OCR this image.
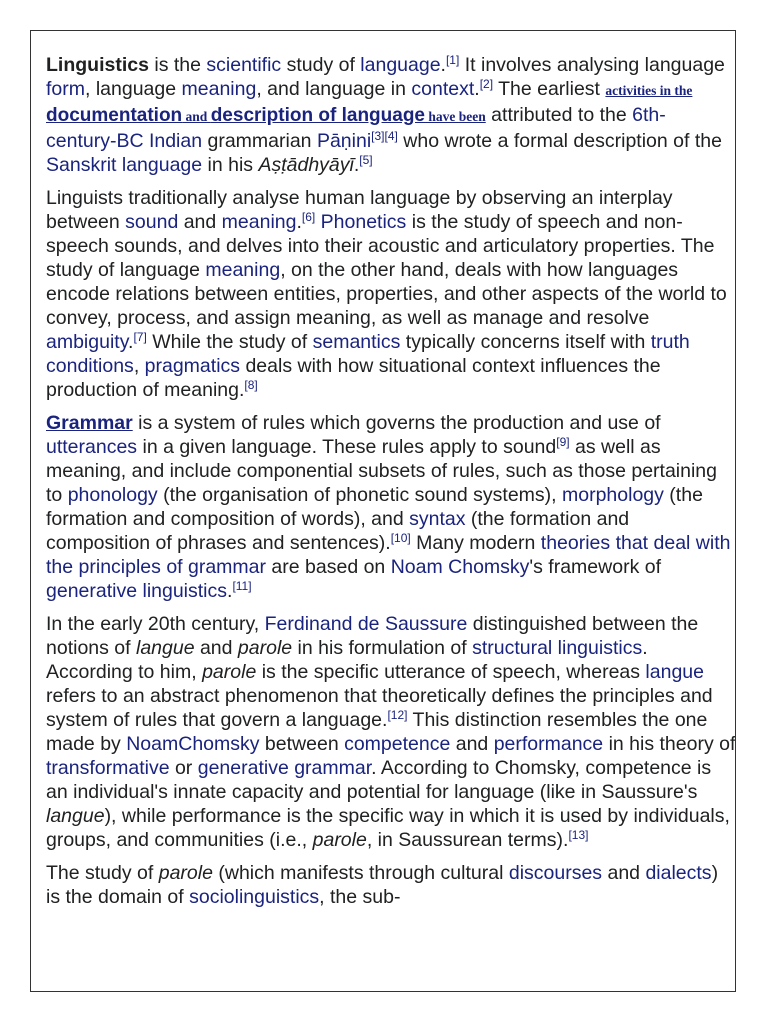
Linguistics is the scientific study of language.[1] It involves analysing language form, language meaning, and language in context.[2] The earliest activities in the documentation and description of language have been attributed to the 6th-century-BC Indian grammarian Pāṇini[3][4] who wrote a formal description of the Sanskrit language in his Aṣṭādhyāyī.[5]

Linguists traditionally analyse human language by observing an interplay between sound and meaning.[6] Phonetics is the study of speech and non-speech sounds, and delves into their acoustic and articulatory properties. The study of language meaning, on the other hand, deals with how languages encode relations between entities, properties, and other aspects of the world to convey, process, and assign meaning, as well as manage and resolve ambiguity.[7] While the study of semantics typically concerns itself with truth conditions, pragmatics deals with how situational context influences the production of meaning.[8]

Grammar is a system of rules which governs the production and use of utterances in a given language. These rules apply to sound[9] as well as meaning, and include componential subsets of rules, such as those pertaining to phonology (the organisation of phonetic sound systems), morphology (the formation and composition of words), and syntax (the formation and composition of phrases and sentences).[10] Many modern theories that deal with the principles of grammar are based on Noam Chomsky's framework of generative linguistics.[11]

In the early 20th century, Ferdinand de Saussure distinguished between the notions of langue and parole in his formulation of structural linguistics. According to him, parole is the specific utterance of speech, whereas langue refers to an abstract phenomenon that theoretically defines the principles and system of rules that govern a language.[12] This distinction resembles the one made by NoamChomsky between competence and performance in his theory of transformative or generative grammar. According to Chomsky, competence is an individual's innate capacity and potential for language (like in Saussure's langue), while performance is the specific way in which it is used by individuals, groups, and communities (i.e., parole, in Saussurean terms).[13]

The study of parole (which manifests through cultural discourses and dialects) is the domain of sociolinguistics, the sub-
